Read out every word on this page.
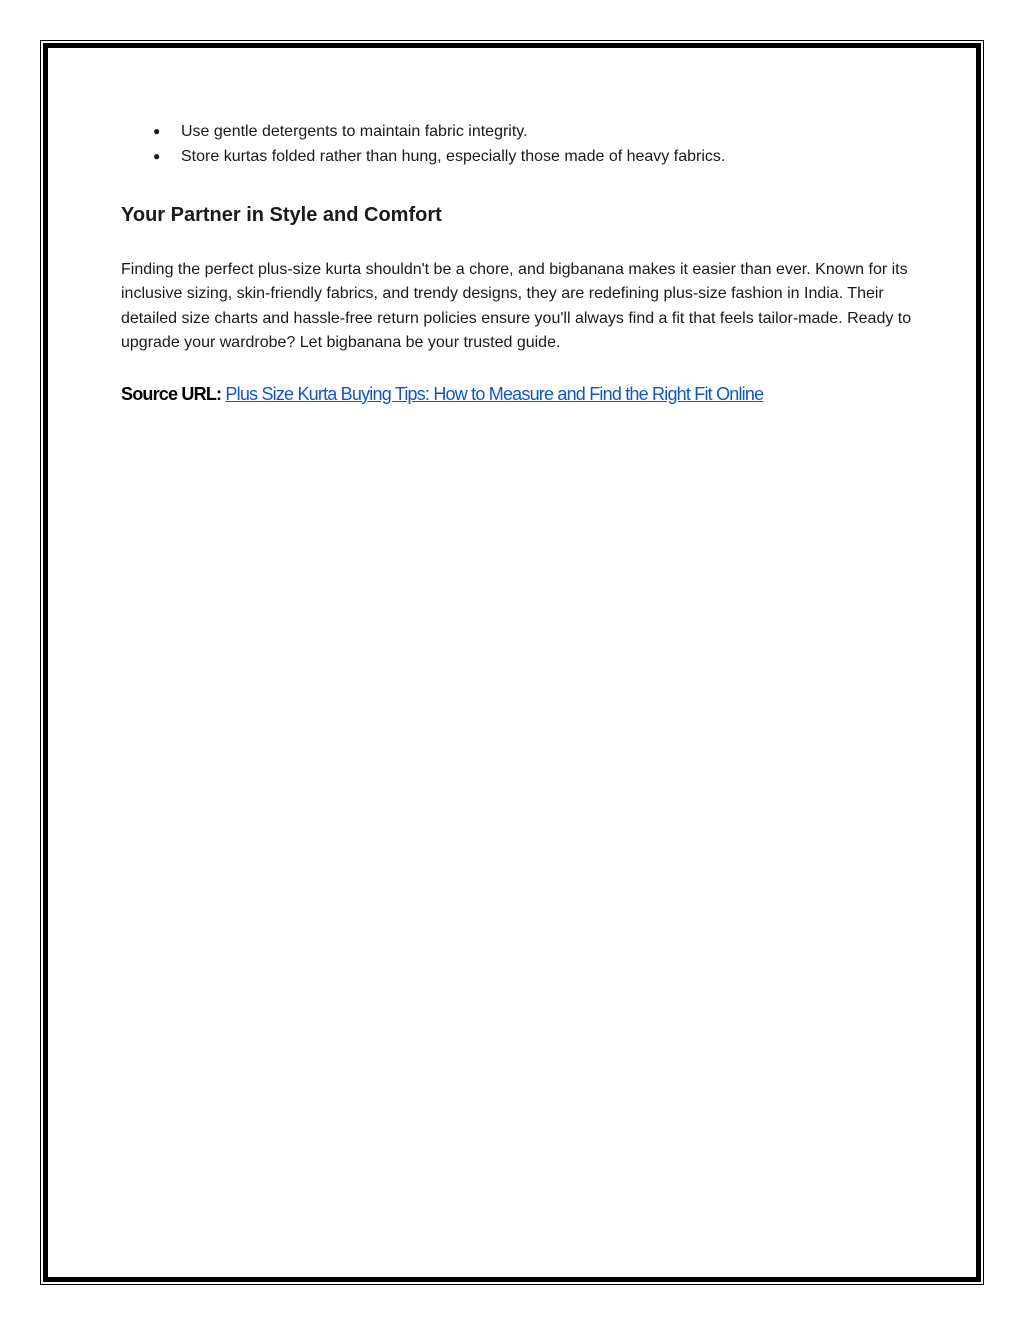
● Use gentle detergents to maintain fabric integrity.
● Store kurtas folded rather than hung, especially those made of heavy fabrics.
Your Partner in Style and Comfort

Finding the perfect plus-size kurta shouldn't be a chore, and bigbanana makes it easier than ever. Known for its inclusive sizing, skin-friendly fabrics, and trendy designs, they are redefining plus-size fashion in India. Their detailed size charts and hassle-free return policies ensure you'll always find a fit that feels tailor-made. Ready to upgrade your wardrobe? Let bigbanana be your trusted guide.

Source URL: Plus Size Kurta Buying Tips: How to Measure and Find the Right Fit Online
